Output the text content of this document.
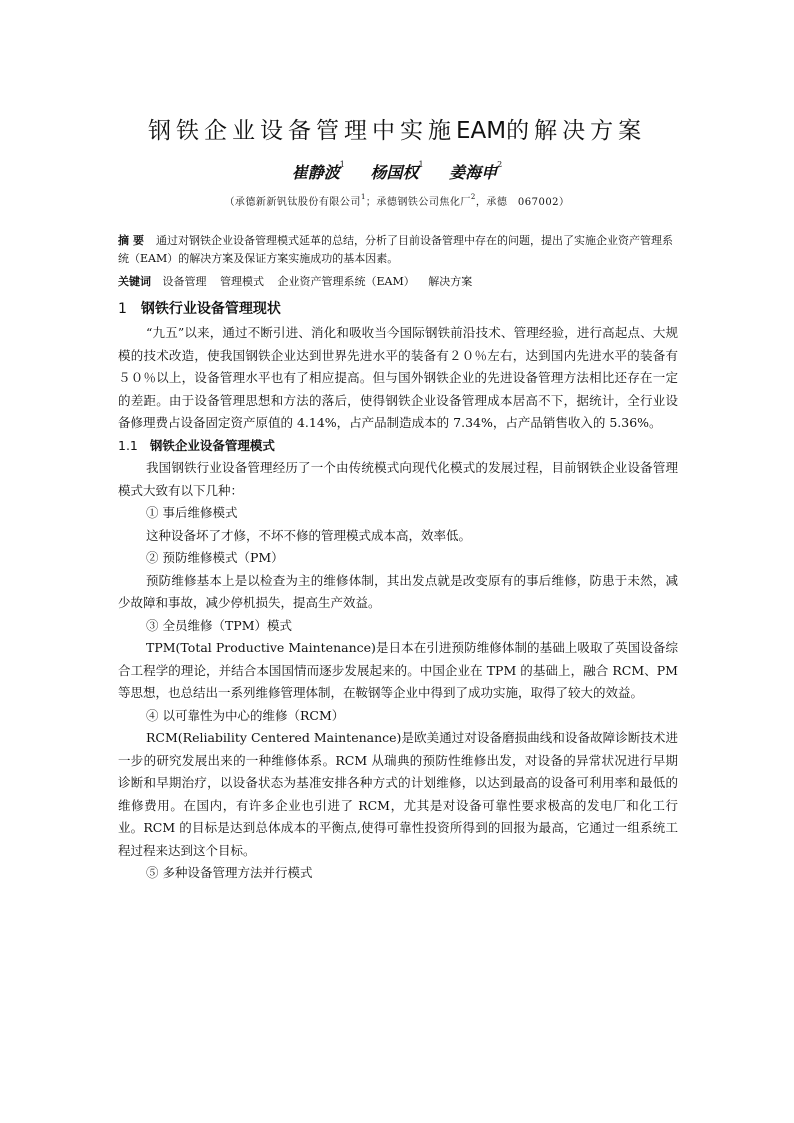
钢铁企业设备管理中实施EAM的解决方案
崔静波$^1$ 杨国权$^1$ 姜海申$^2$
（承德新新钒钛股份有限公司$^1$；承德钢铁公司焦化厂$^2$，承德　067002）
摘要 通过对钢铁企业设备管理模式延革的总结，分析了目前设备管理中存在的问题，提出了实施企业资产管理系统（EAM）的解决方案及保证方案实施成功的基本因素。
关键词 设备管理 管理模式 企业资产管理系统（EAM） 解决方案
1 钢铁行业设备管理现状

“九五”以来，通过不断引进、消化和吸收当今国际钢铁前沿技术、管理经验，进行高起点、大规模的技术改造，使我国钢铁企业达到世界先进水平的装备有２０％左右，达到国内先进水平的装备有５０％以上，设备管理水平也有了相应提高。但与国外钢铁企业的先进设备管理方法相比还存在一定的差距。由于设备管理思想和方法的落后，使得钢铁企业设备管理成本居高不下，据统计，全行业设备修理费占设备固定资产原值的 4.14%，占产品制造成本的 7.34%，占产品销售收入的 5.36%。

1.1 钢铁企业设备管理模式

我国钢铁行业设备管理经历了一个由传统模式向现代化模式的发展过程，目前钢铁企业设备管理模式大致有以下几种：

① 事后维修模式

这种设备坏了才修，不坏不修的管理模式成本高，效率低。

② 预防维修模式（PM）

预防维修基本上是以检查为主的维修体制，其出发点就是改变原有的事后维修，防患于未然，减少故障和事故，减少停机损失，提高生产效益。

③ 全员维修（TPM）模式

TPM(Total Productive Maintenance)是日本在引进预防维修体制的基础上吸取了英国设备综合工程学的理论，并结合本国国情而逐步发展起来的。中国企业在 TPM 的基础上，融合 RCM、PM 等思想，也总结出一系列维修管理体制，在鞍钢等企业中得到了成功实施，取得了较大的效益。

④ 以可靠性为中心的维修（RCM）

RCM(Reliability Centered Maintenance)是欧美通过对设备磨损曲线和设备故障诊断技术进一步的研究发展出来的一种维修体系。RCM 从瑞典的预防性维修出发，对设备的异常状况进行早期诊断和早期治疗，以设备状态为基准安排各种方式的计划维修，以达到最高的设备可利用率和最低的维修费用。在国内，有许多企业也引进了 RCM，尤其是对设备可靠性要求极高的发电厂和化工行业。RCM 的目标是达到总体成本的平衡点,使得可靠性投资所得到的回报为最高，它通过一组系统工程过程来达到这个目标。

⑤ 多种设备管理方法并行模式
